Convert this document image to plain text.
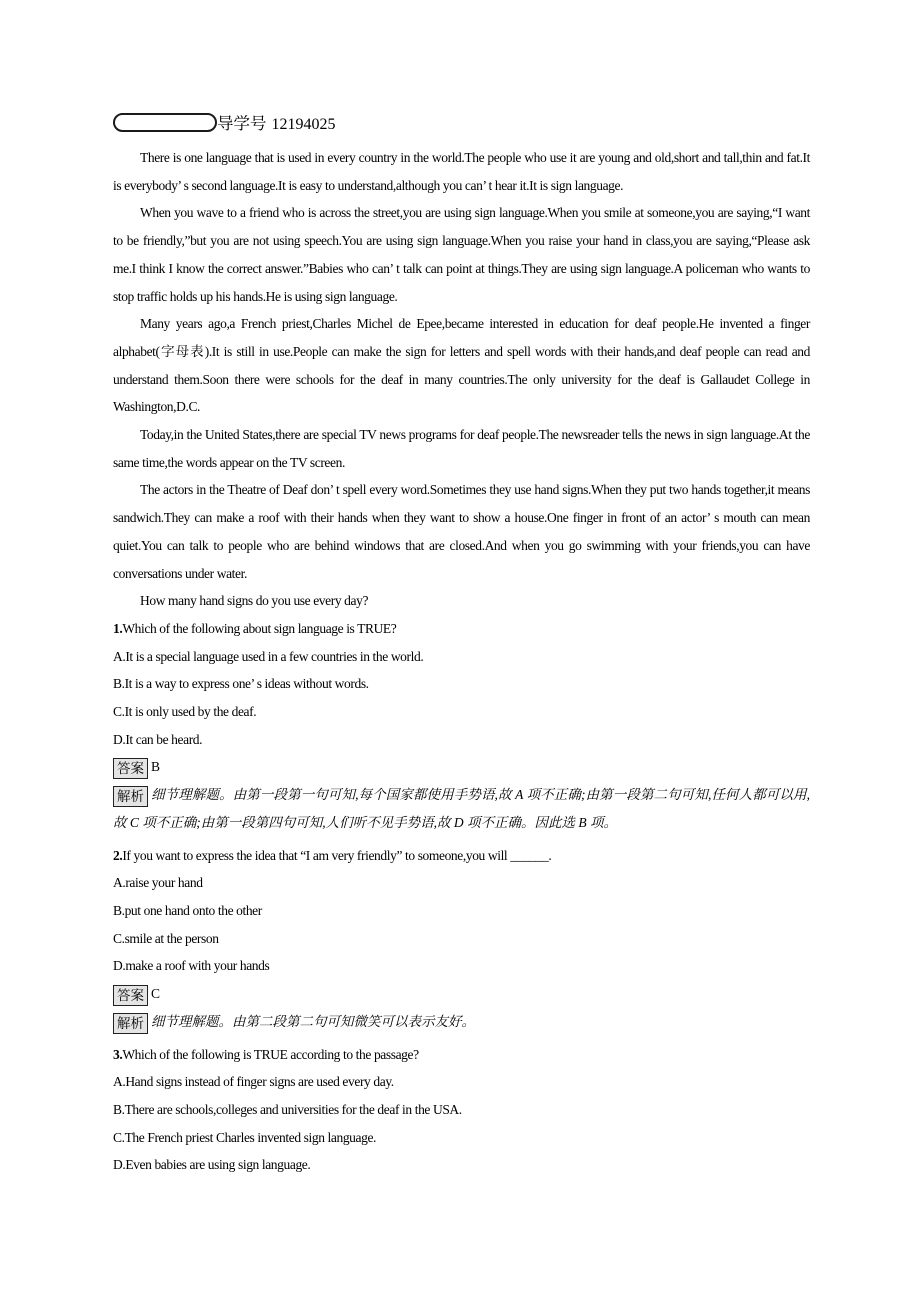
导学号 12194025

There is one language that is used in every country in the world.The people who use it are young and old,short and tall,thin and fat.It is everybody’ s second language.It is easy to understand,although you can’ t hear it.It is sign language.

When you wave to a friend who is across the street,you are using sign language.When you smile at someone,you are saying,“I want to be friendly,”but you are not using speech.You are using sign language.When you raise your hand in class,you are saying,“Please ask me.I think I know the correct answer.”Babies who can’ t talk can point at things.They are using sign language.A policeman who wants to stop traffic holds up his hands.He is using sign language.

Many years ago,a French priest,Charles Michel de Epee,became interested in education for deaf people.He invented a finger alphabet(字母表).It is still in use.People can make the sign for letters and spell words with their hands,and deaf people can read and understand them.Soon there were schools for the deaf in many countries.The only university for the deaf is Gallaudet College in Washington,D.C.

Today,in the United States,there are special TV news programs for deaf people.The newsreader tells the news in sign language.At the same time,the words appear on the TV screen.

The actors in the Theatre of Deaf don’ t spell every word.Sometimes they use hand signs.When they put two hands together,it means sandwich.They can make a roof with their hands when they want to show a house.One finger in front of an actor’ s mouth can mean quiet.You can talk to people who are behind windows that are closed.And when you go swimming with your friends,you can have conversations under water.

How many hand signs do you use every day?

1.Which of the following about sign language is TRUE?
A.It is a special language used in a few countries in the world.
B.It is a way to express one’ s ideas without words.
C.It is only used by the deaf.
D.It can be heard.
答案 B
解析 细节理解题。由第一段第一句可知,每个国家都使用手势语,故 A 项不正确;由第一段第二句可知,任何人都可以用,故 C 项不正确;由第一段第四句可知,人们听不见手势语,故 D 项不正确。因此选 B 项。
2.If you want to express the idea that “I am very friendly” to someone,you will ______.
A.raise your hand
B.put one hand onto the other
C.smile at the person
D.make a roof with your hands
答案 C
解析 细节理解题。由第二段第二句可知微笑可以表示友好。
3.Which of the following is TRUE according to the passage?
A.Hand signs instead of finger signs are used every day.
B.There are schools,colleges and universities for the deaf in the USA.
C.The French priest Charles invented sign language.
D.Even babies are using sign language.
